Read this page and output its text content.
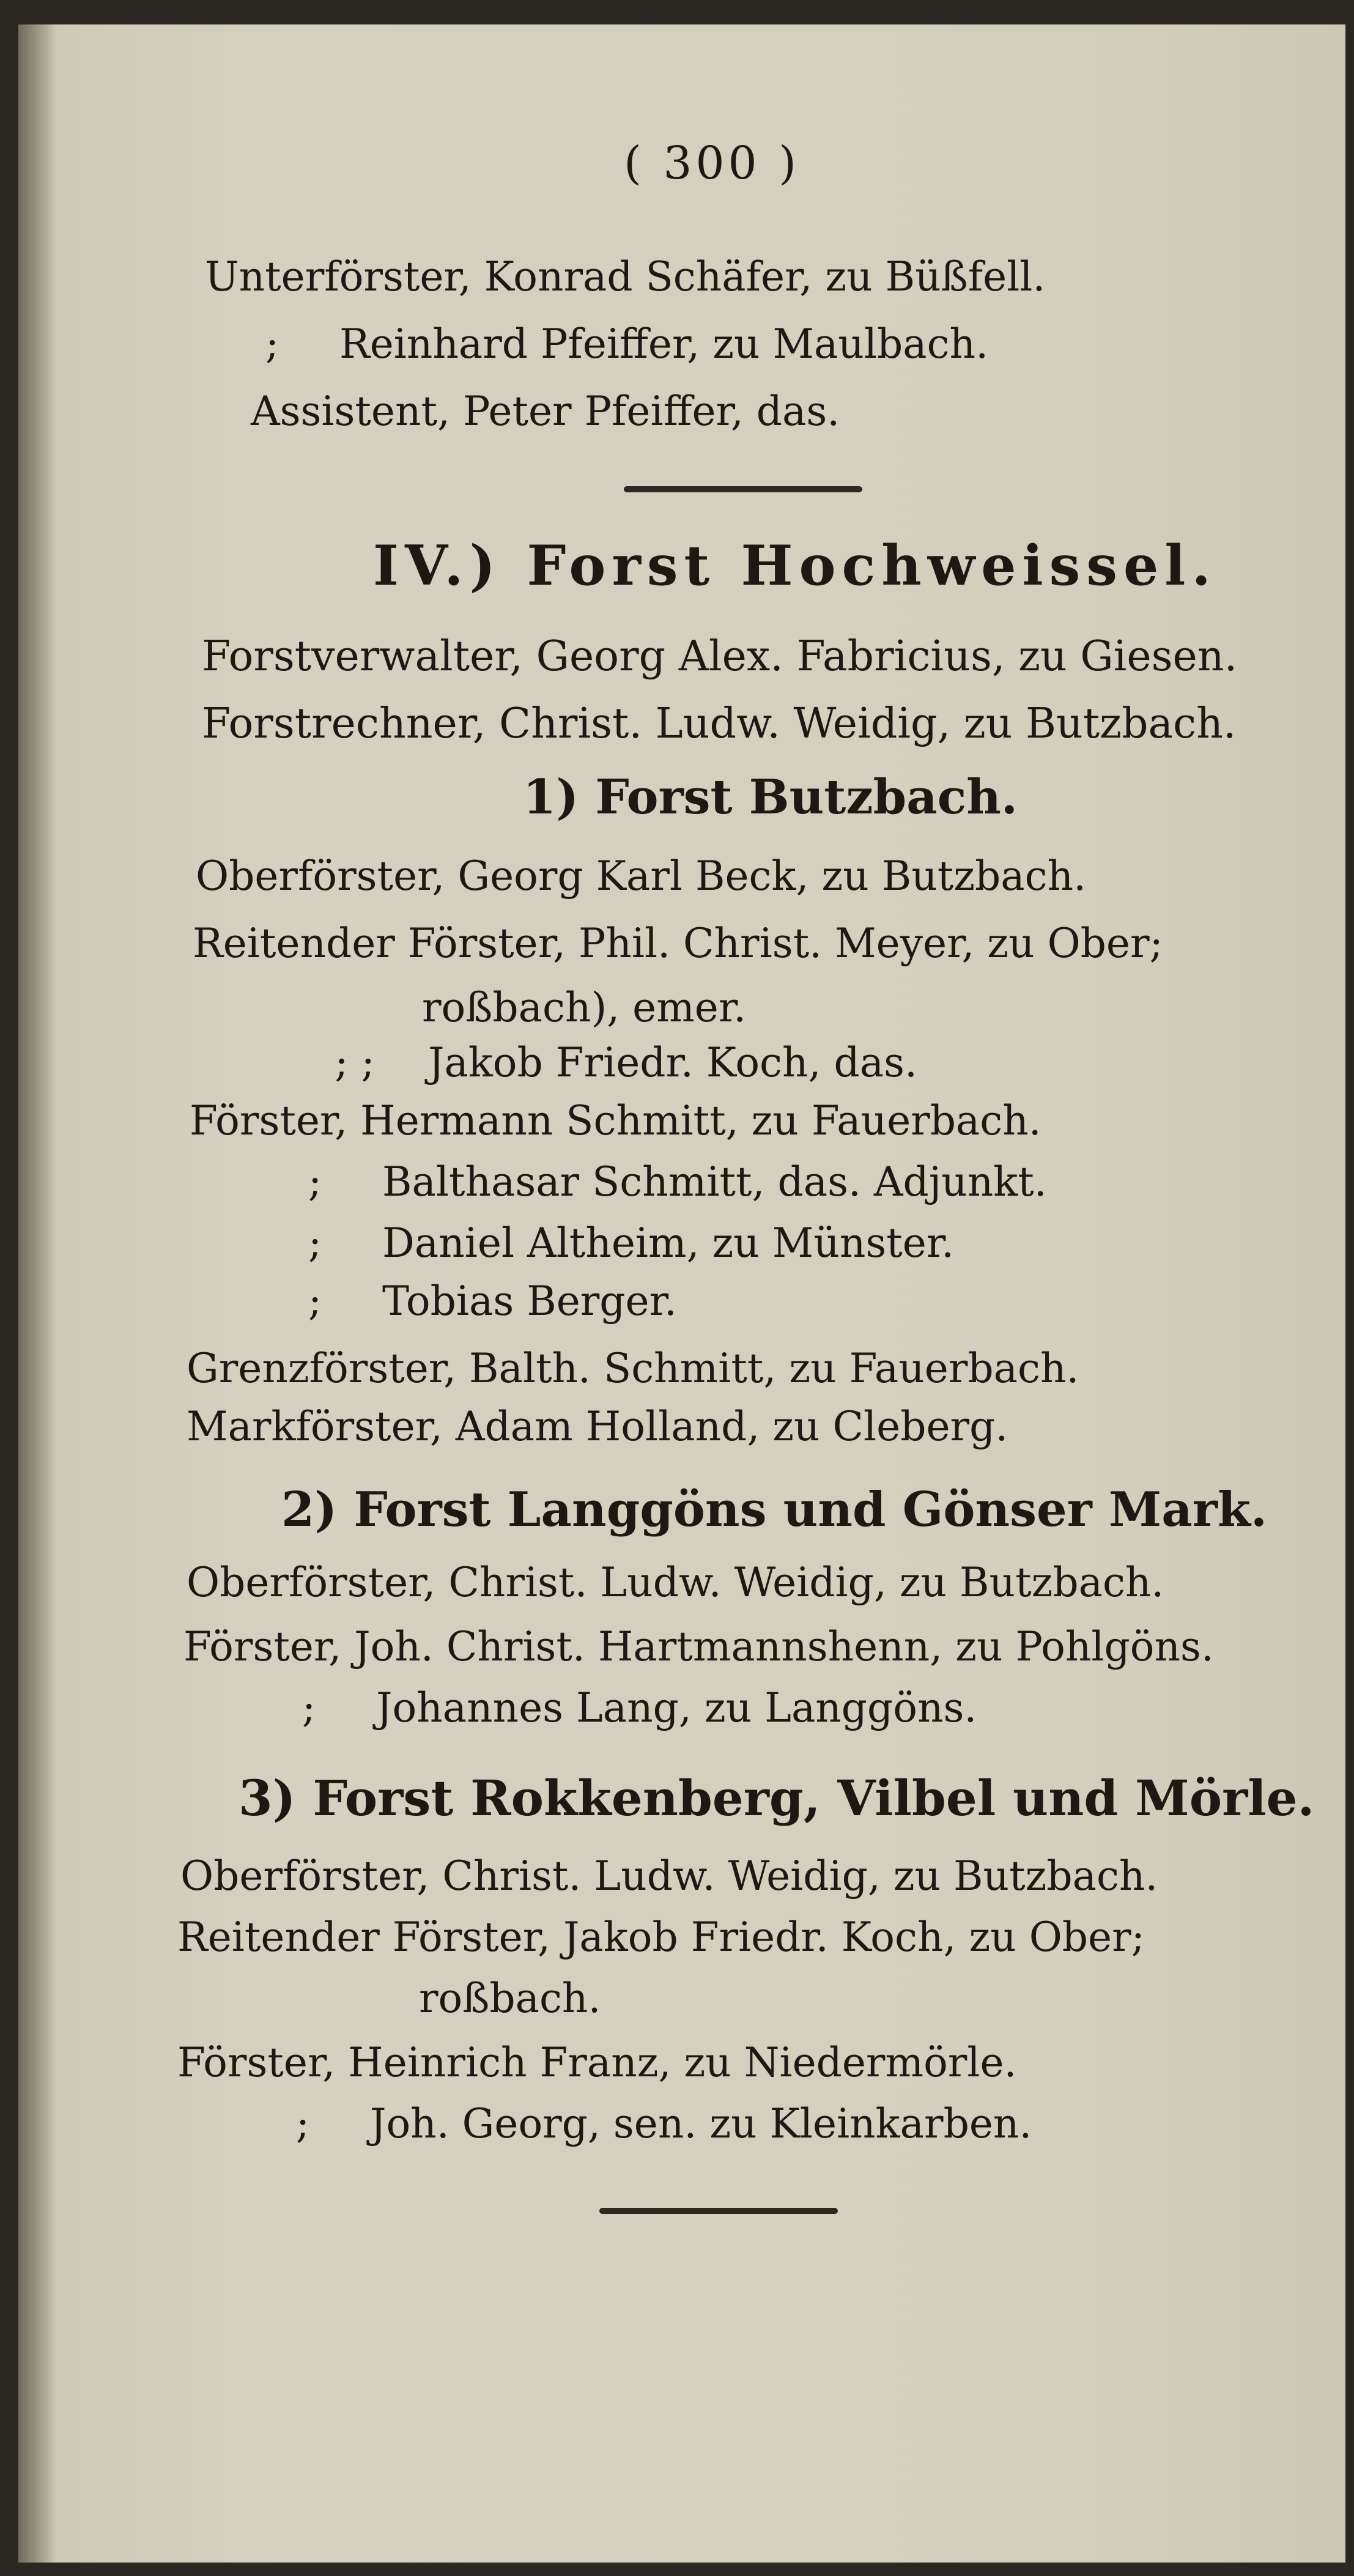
( 300 )
Unterförster, Konrad Schäfer, zu Büßfell.
; Reinhard Pfeiffer, zu Maulbach.
Assistent, Peter Pfeiffer, das.
IV.) Forst Hochweissel.
Forstverwalter, Georg Alex. Fabricius, zu Giesen.
Forstrechner, Christ. Ludw. Weidig, zu Butzbach.
1) Forst Butzbach.
Oberförster, Georg Karl Beck, zu Butzbach.
Reitender Förster, Phil. Christ. Meyer, zu Ober;
roßbach), emer.
; ; Jakob Friedr. Koch, das.
Förster, Hermann Schmitt, zu Fauerbach.
; Balthasar Schmitt, das. Adjunkt.
; Daniel Altheim, zu Münster.
; Tobias Berger.
Grenzförster, Balth. Schmitt, zu Fauerbach.
Markförster, Adam Holland, zu Cleberg.
2) Forst Langgöns und Gönser Mark.
Oberförster, Christ. Ludw. Weidig, zu Butzbach.
Förster, Joh. Christ. Hartmannshenn, zu Pohlgöns.
; Johannes Lang, zu Langgöns.
3) Forst Rokkenberg, Vilbel und Mörle.
Oberförster, Christ. Ludw. Weidig, zu Butzbach.
Reitender Förster, Jakob Friedr. Koch, zu Ober;
roßbach.
Förster, Heinrich Franz, zu Niedermörle.
; Joh. Georg, sen. zu Kleinkarben.
